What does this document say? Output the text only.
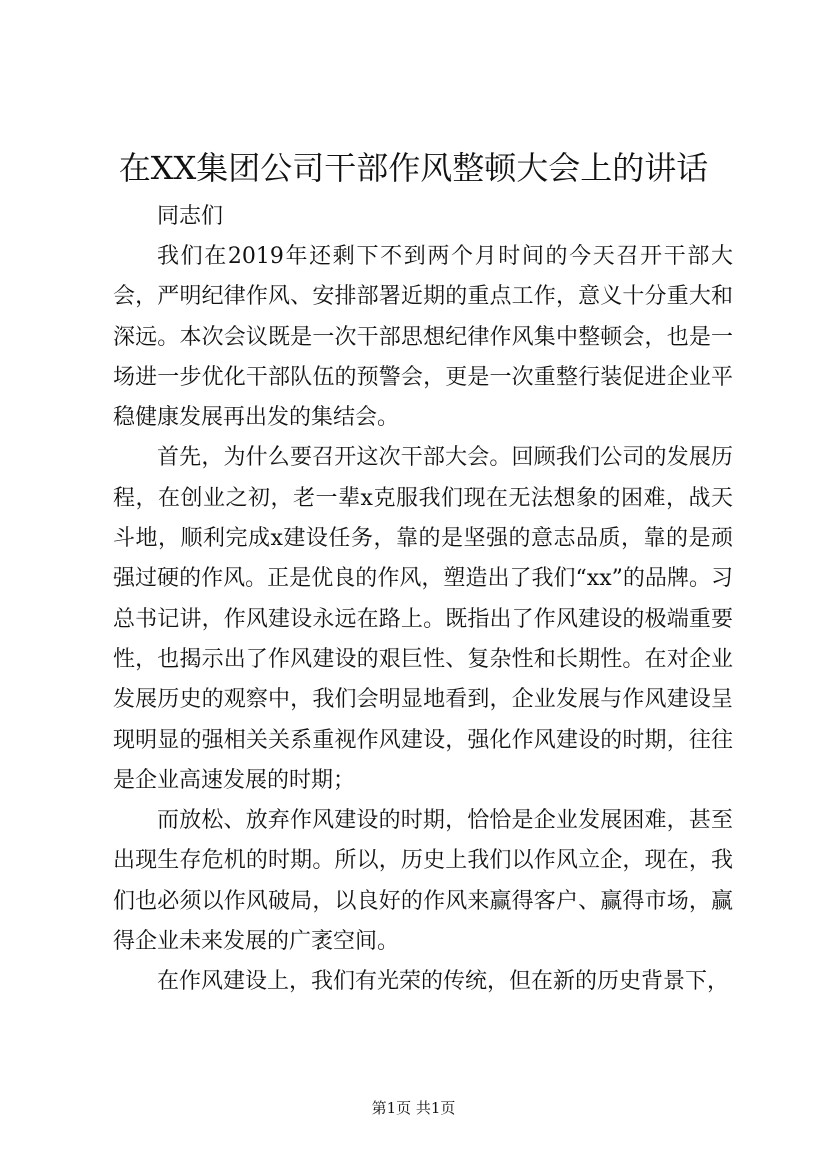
在XX集团公司干部作风整顿大会上的讲话

同志们

我们在2019年还剩下不到两个月时间的今天召开干部大会，严明纪律作风、安排部署近期的重点工作，意义十分重大和深远。本次会议既是一次干部思想纪律作风集中整顿会，也是一场进一步优化干部队伍的预警会，更是一次重整行装促进企业平稳健康发展再出发的集结会。

首先，为什么要召开这次干部大会。回顾我们公司的发展历程，在创业之初，老一辈x克服我们现在无法想象的困难，战天斗地，顺利完成x建设任务，靠的是坚强的意志品质，靠的是顽强过硬的作风。正是优良的作风，塑造出了我们“xx”的品牌。习总书记讲，作风建设永远在路上。既指出了作风建设的极端重要性，也揭示出了作风建设的艰巨性、复杂性和长期性。在对企业发展历史的观察中，我们会明显地看到，企业发展与作风建设呈现明显的强相关关系重视作风建设，强化作风建设的时期，往往是企业高速发展的时期；

而放松、放弃作风建设的时期，恰恰是企业发展困难，甚至出现生存危机的时期。所以，历史上我们以作风立企，现在，我们也必须以作风破局，以良好的作风来赢得客户、赢得市场，赢得企业未来发展的广袤空间。

在作风建设上，我们有光荣的传统，但在新的历史背景下，

第1页 共1页
